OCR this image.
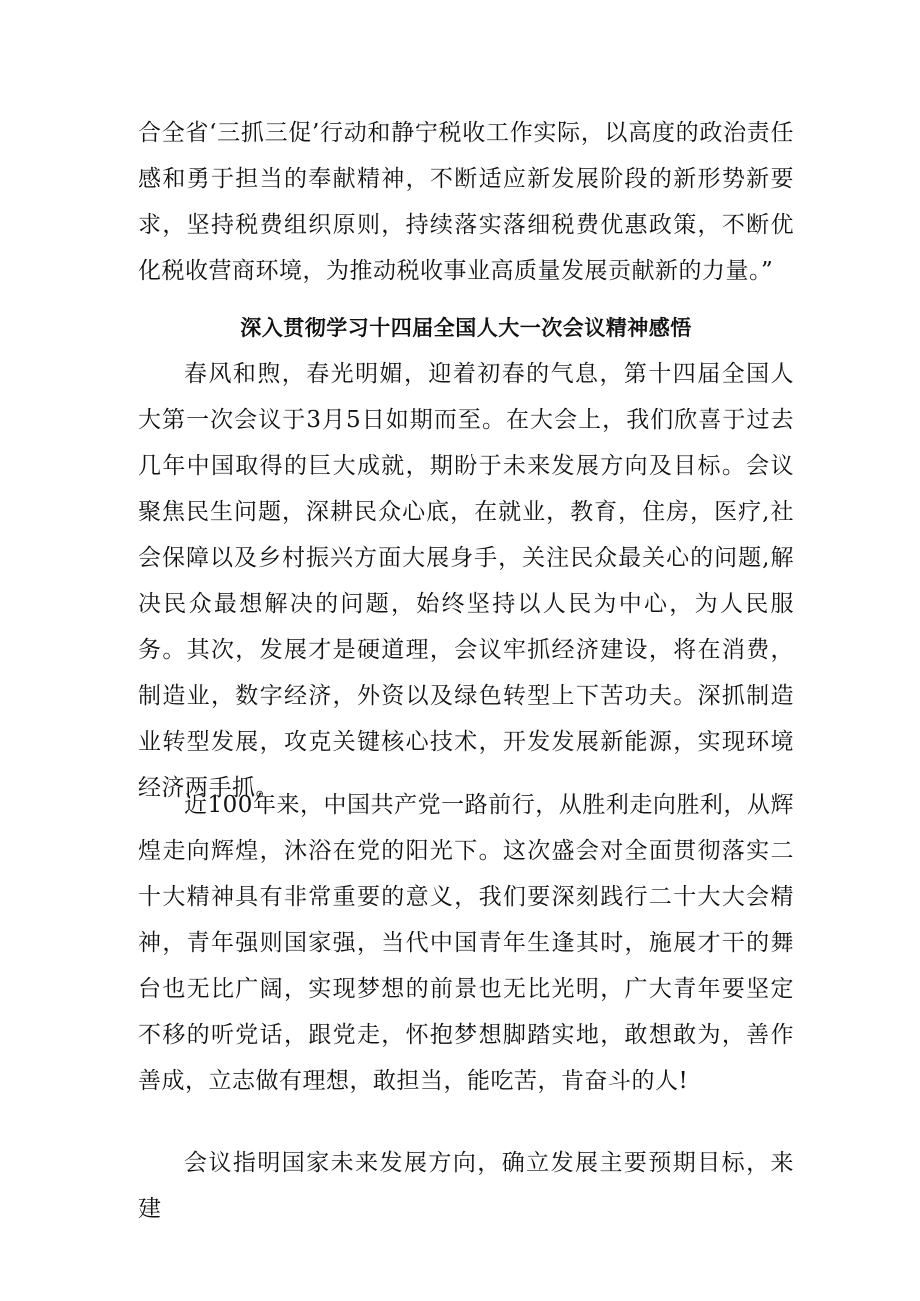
合全省‘三抓三促’行动和静宁税收工作实际，以高度的政治责任感和勇于担当的奉献精神，不断适应新发展阶段的新形势新要求，坚持税费组织原则，持续落实落细税费优惠政策，不断优化税收营商环境，为推动税收事业高质量发展贡献新的力量。”

深入贯彻学习十四届全国人大一次会议精神感悟

春风和煦，春光明媚，迎着初春的气息，第十四届全国人大第一次会议于3月5日如期而至。在大会上，我们欣喜于过去几年中国取得的巨大成就，期盼于未来发展方向及目标。会议聚焦民生问题，深耕民众心底，在就业，教育，住房，医疗,社会保障以及乡村振兴方面大展身手，关注民众最关心的问题,解决民众最想解决的问题，始终坚持以人民为中心，为人民服务。其次，发展才是硬道理，会议牢抓经济建设，将在消费，制造业，数字经济，外资以及绿色转型上下苦功夫。深抓制造业转型发展，攻克关键核心技术，开发发展新能源，实现环境经济两手抓。

近100年来，中国共产党一路前行，从胜利走向胜利，从辉煌走向辉煌，沐浴在党的阳光下。这次盛会对全面贯彻落实二十大精神具有非常重要的意义，我们要深刻践行二十大大会精神，青年强则国家强，当代中国青年生逢其时，施展才干的舞台也无比广阔，实现梦想的前景也无比光明，广大青年要坚定不移的听党话，跟党走，怀抱梦想脚踏实地，敢想敢为，善作善成，立志做有理想，敢担当，能吃苦，肯奋斗的人!

会议指明国家未来发展方向，确立发展主要预期目标，来建
